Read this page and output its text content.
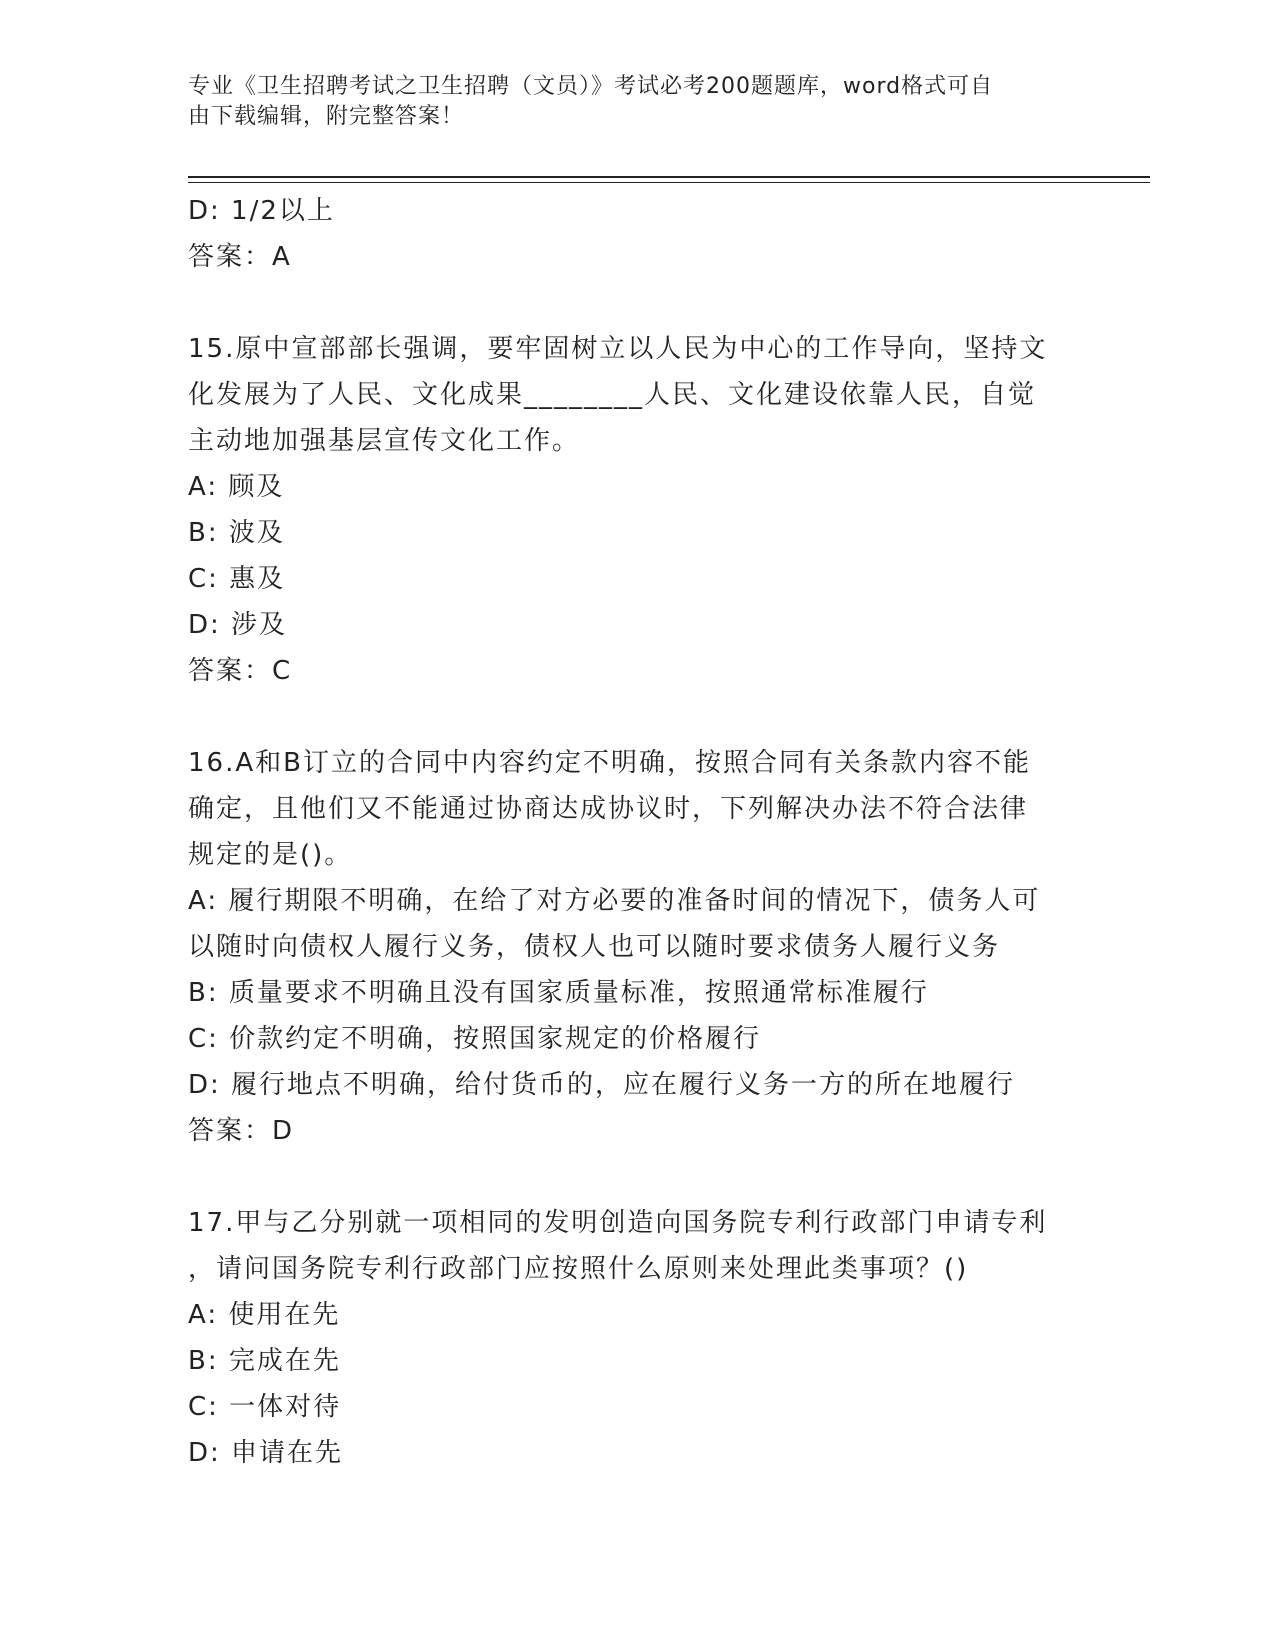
专业《卫生招聘考试之卫生招聘（文员）》考试必考200题题库，word格式可自
由下载编辑，附完整答案！

D: 1/2以上

答案：A

15.原中宣部部长强调，要牢固树立以人民为中心的工作导向，坚持文

化发展为了人民、文化成果________人民、文化建设依靠人民，自觉

主动地加强基层宣传文化工作。

A: 顾及

B: 波及

C: 惠及

D: 涉及

答案：C

16.A和B订立的合同中内容约定不明确，按照合同有关条款内容不能

确定，且他们又不能通过协商达成协议时，下列解决办法不符合法律

规定的是()。

A: 履行期限不明确，在给了对方必要的准备时间的情况下，债务人可

以随时向债权人履行义务，债权人也可以随时要求债务人履行义务

B: 质量要求不明确且没有国家质量标准，按照通常标准履行

C: 价款约定不明确，按照国家规定的价格履行

D: 履行地点不明确，给付货币的，应在履行义务一方的所在地履行

答案：D

17.甲与乙分别就一项相同的发明创造向国务院专利行政部门申请专利

，请问国务院专利行政部门应按照什么原则来处理此类事项？()

A: 使用在先

B: 完成在先

C: 一体对待

D: 申请在先
